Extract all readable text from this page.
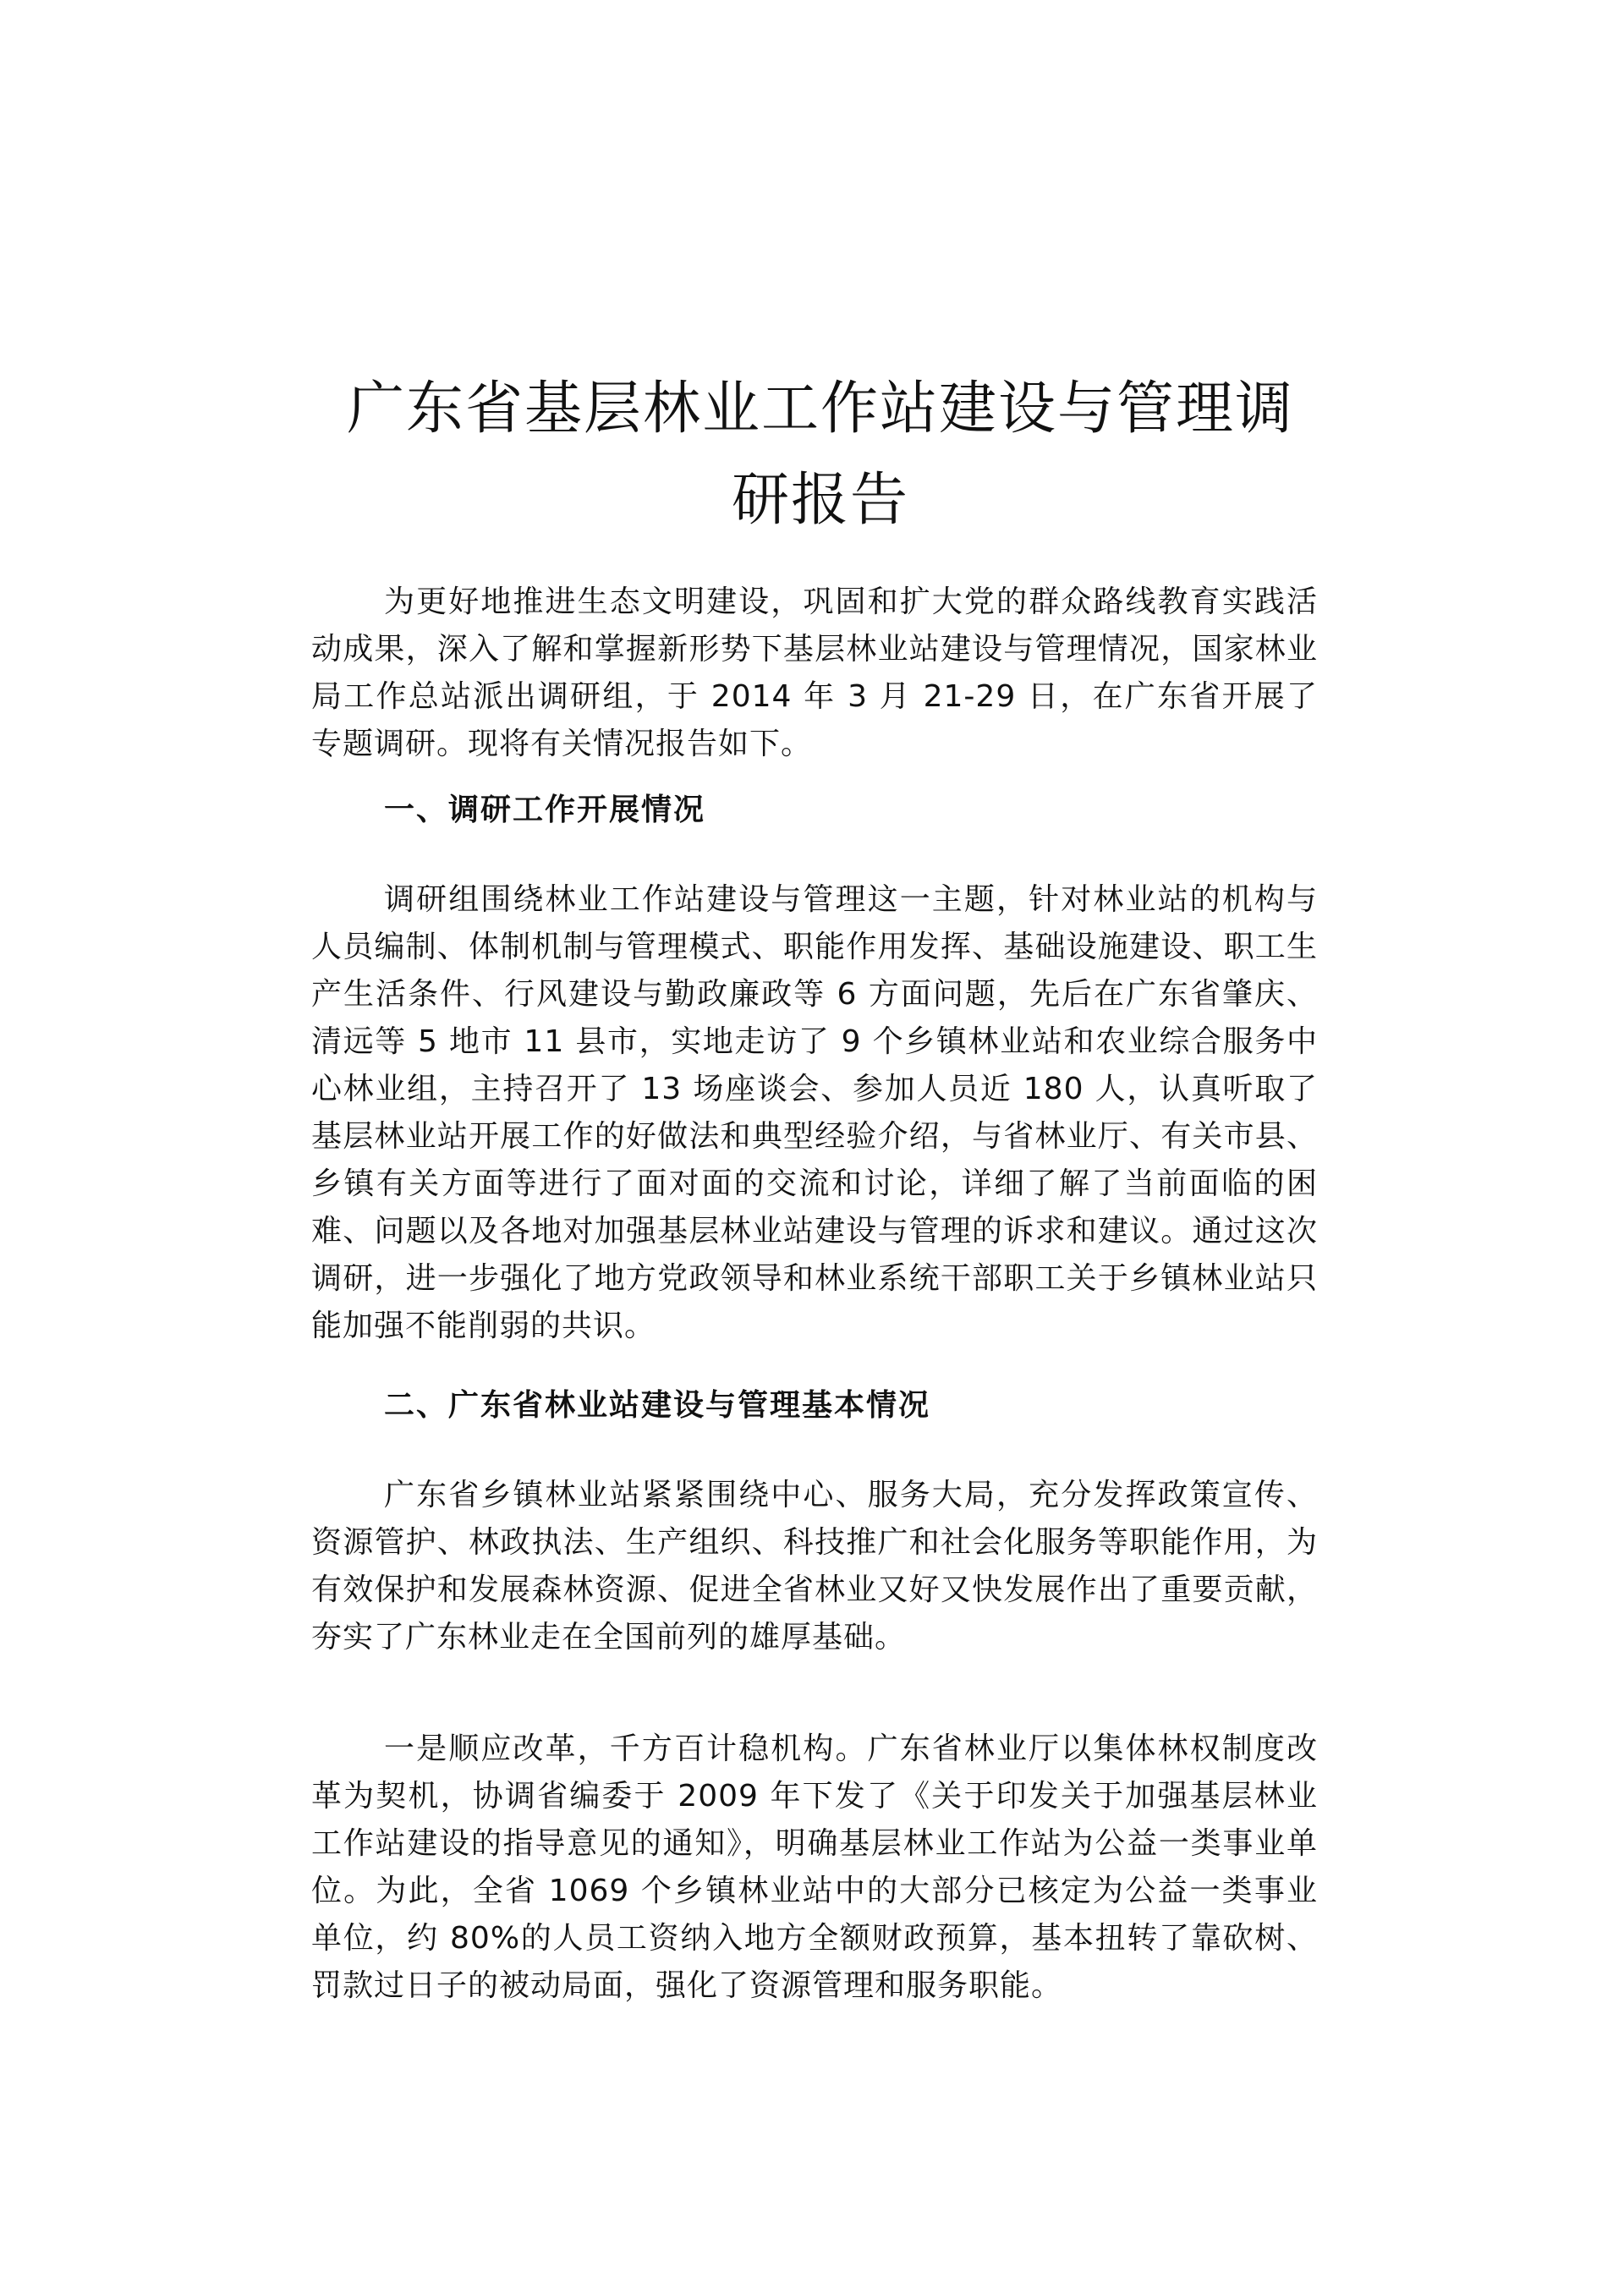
广东省基层林业工作站建设与管理调研报告

为更好地推进生态文明建设，巩固和扩大党的群众路线教育实践活动成果，深入了解和掌握新形势下基层林业站建设与管理情况，国家林业局工作总站派出调研组，于 2014 年 3 月 21-29 日，在广东省开展了专题调研。现将有关情况报告如下。

一、调研工作开展情况

调研组围绕林业工作站建设与管理这一主题，针对林业站的机构与人员编制、体制机制与管理模式、职能作用发挥、基础设施建设、职工生产生活条件、行风建设与勤政廉政等 6 方面问题，先后在广东省肇庆、清远等 5 地市 11 县市，实地走访了 9 个乡镇林业站和农业综合服务中心林业组，主持召开了 13 场座谈会、参加人员近 180 人，认真听取了基层林业站开展工作的好做法和典型经验介绍，与省林业厅、有关市县、乡镇有关方面等进行了面对面的交流和讨论，详细了解了当前面临的困难、问题以及各地对加强基层林业站建设与管理的诉求和建议。通过这次调研，进一步强化了地方党政领导和林业系统干部职工关于乡镇林业站只能加强不能削弱的共识。

二、广东省林业站建设与管理基本情况

广东省乡镇林业站紧紧围绕中心、服务大局，充分发挥政策宣传、资源管护、林政执法、生产组织、科技推广和社会化服务等职能作用，为有效保护和发展森林资源、促进全省林业又好又快发展作出了重要贡献，夯实了广东林业走在全国前列的雄厚基础。

一是顺应改革，千方百计稳机构。广东省林业厅以集体林权制度改革为契机，协调省编委于 2009 年下发了《关于印发关于加强基层林业工作站建设的指导意见的通知》，明确基层林业工作站为公益一类事业单位。为此，全省 1069 个乡镇林业站中的大部分已核定为公益一类事业单位，约 80%的人员工资纳入地方全额财政预算，基本扭转了靠砍树、罚款过日子的被动局面，强化了资源管理和服务职能。
